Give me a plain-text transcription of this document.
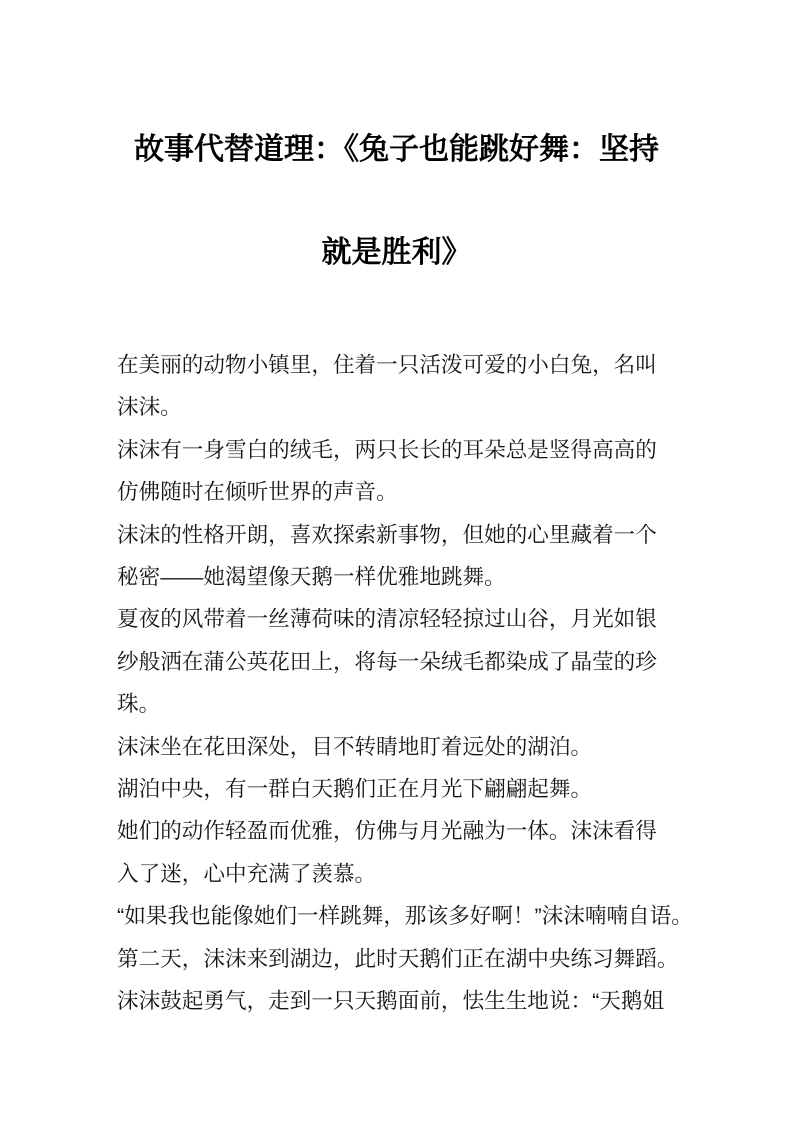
故事代替道理：《兔子也能跳好舞：坚持
就是胜利》
在美丽的动物小镇里，住着一只活泼可爱的小白兔，名叫
沫沫。
沫沫有一身雪白的绒毛，两只长长的耳朵总是竖得高高的
仿佛随时在倾听世界的声音。
沫沫的性格开朗，喜欢探索新事物，但她的心里藏着一个
秘密——她渴望像天鹅一样优雅地跳舞。
夏夜的风带着一丝薄荷味的清凉轻轻掠过山谷，月光如银
纱般洒在蒲公英花田上，将每一朵绒毛都染成了晶莹的珍
珠。
沫沫坐在花田深处，目不转睛地盯着远处的湖泊。
湖泊中央，有一群白天鹅们正在月光下翩翩起舞。
她们的动作轻盈而优雅，仿佛与月光融为一体。沫沫看得
入了迷，心中充满了羡慕。
“如果我也能像她们一样跳舞，那该多好啊！”沫沫喃喃自语。
第二天，沫沫来到湖边，此时天鹅们正在湖中央练习舞蹈。
沫沫鼓起勇气，走到一只天鹅面前，怯生生地说：“天鹅姐
